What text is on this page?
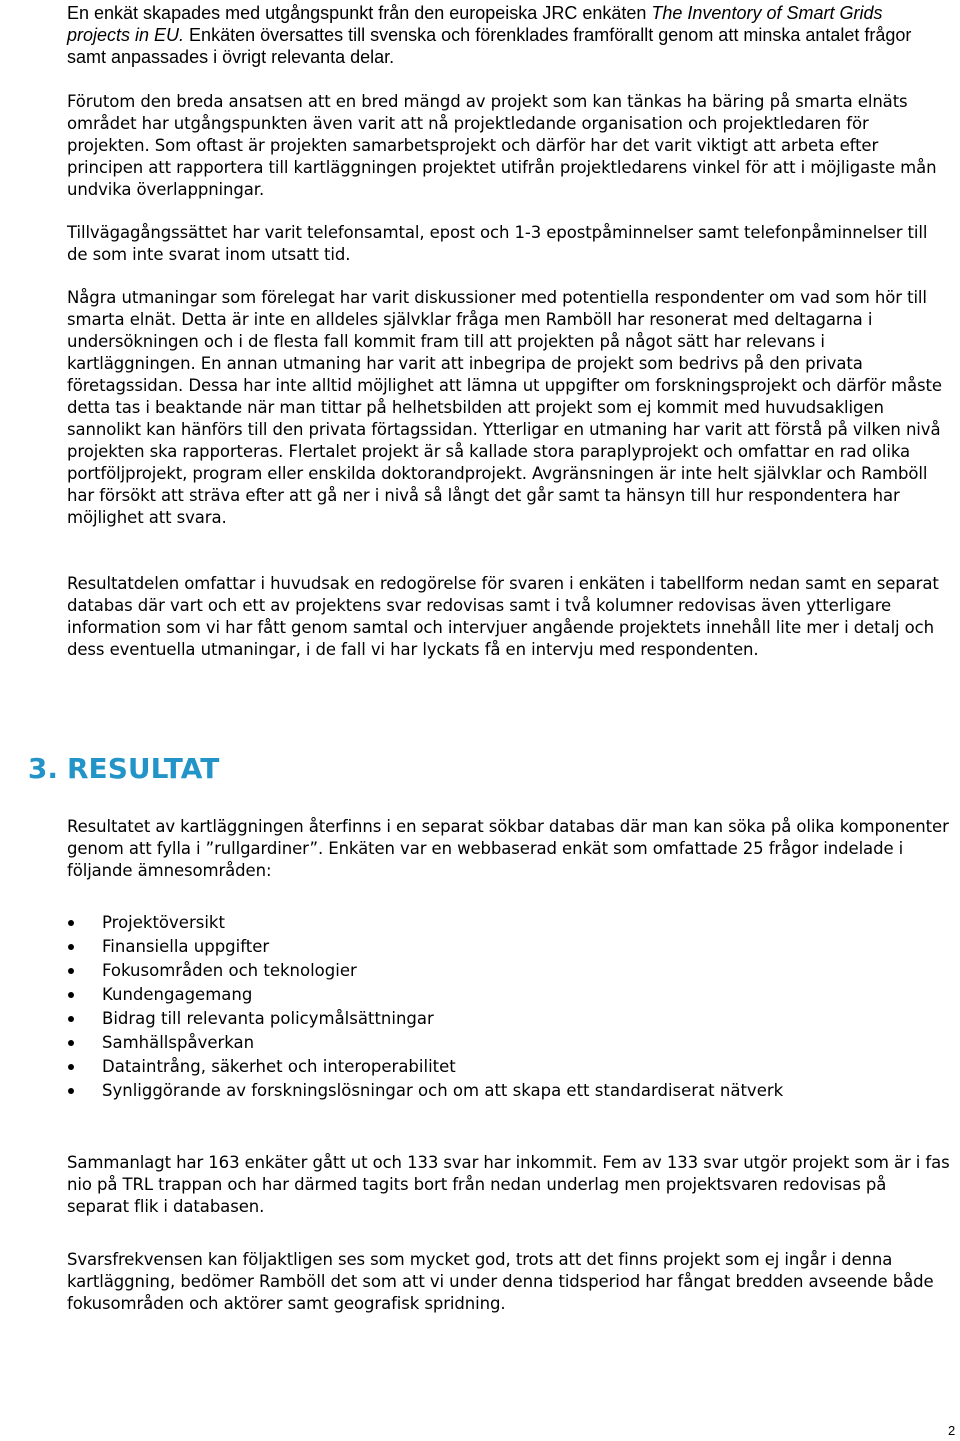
En enkät skapades med utgångspunkt från den europeiska JRC enkäten The Inventory of Smart Grids projects in EU. Enkäten översattes till svenska och förenklades framförallt genom att minska antalet frågor samt anpassades i övrigt relevanta delar.
Förutom den breda ansatsen att en bred mängd av projekt som kan tänkas ha bäring på smarta elnäts området har utgångspunkten även varit att nå projektledande organisation och projektledaren för projekten. Som oftast är projekten samarbetsprojekt och därför har det varit viktigt att arbeta efter principen att rapportera till kartläggningen projektet utifrån projektledarens vinkel för att i möjligaste mån undvika överlappningar.
Tillvägagångssättet har varit telefonsamtal, epost och 1-3 epostpåminnelser samt telefonpåminnelser till de som inte svarat inom utsatt tid.
Några utmaningar som förelegat har varit diskussioner med potentiella respondenter om vad som hör till smarta elnät. Detta är inte en alldeles självklar fråga men Ramböll har resonerat med deltagarna i undersökningen och i de flesta fall kommit fram till att projekten på något sätt har relevans i kartläggningen. En annan utmaning har varit att inbegripa de projekt som bedrivs på den privata företagssidan. Dessa har inte alltid möjlighet att lämna ut uppgifter om forskningsprojekt och därför måste detta tas i beaktande när man tittar på helhetsbilden att projekt som ej kommit med huvudsakligen sannolikt kan hänförs till den privata förtagssidan. Ytterligar en utmaning har varit att förstå på vilken nivå projekten ska rapporteras. Flertalet projekt är så kallade stora paraplyprojekt och omfattar en rad olika portföljprojekt, program eller enskilda doktorandprojekt. Avgränsningen är inte helt självklar och Ramböll har försökt att sträva efter att gå ner i nivå så långt det går samt ta hänsyn till hur respondentera har möjlighet att svara.
Resultatdelen omfattar i huvudsak en redogörelse för svaren i enkäten i tabellform nedan samt en separat databas där vart och ett av projektens svar redovisas samt i två kolumner redovisas även ytterligare information som vi har fått genom samtal och intervjuer angående projektets innehåll lite mer i detalj och dess eventuella utmaningar, i de fall vi har lyckats få en intervju med respondenten.
3. RESULTAT
Resultatet av kartläggningen återfinns i en separat sökbar databas där man kan söka på olika komponenter genom att fylla i ”rullgardiner”. Enkäten var en webbaserad enkät som omfattade 25 frågor indelade i följande ämnesområden:
Projektöversikt
Finansiella uppgifter
Fokusområden och teknologier
Kundengagemang
Bidrag till relevanta policymålsättningar
Samhällspåverkan
Dataintrång, säkerhet och interoperabilitet
Synliggörande av forskningslösningar och om att skapa ett standardiserat nätverk
Sammanlagt har 163 enkäter gått ut och 133 svar har inkommit. Fem av 133 svar utgör projekt som är i fas nio på TRL trappan och har därmed tagits bort från nedan underlag men projektsvaren redovisas på separat flik i databasen.
Svarsfrekvensen kan följaktligen ses som mycket god, trots att det finns projekt som ej ingår i denna kartläggning, bedömer Ramböll det som att vi under denna tidsperiod har fångat bredden avseende både fokusområden och aktörer samt geografisk spridning.
2
